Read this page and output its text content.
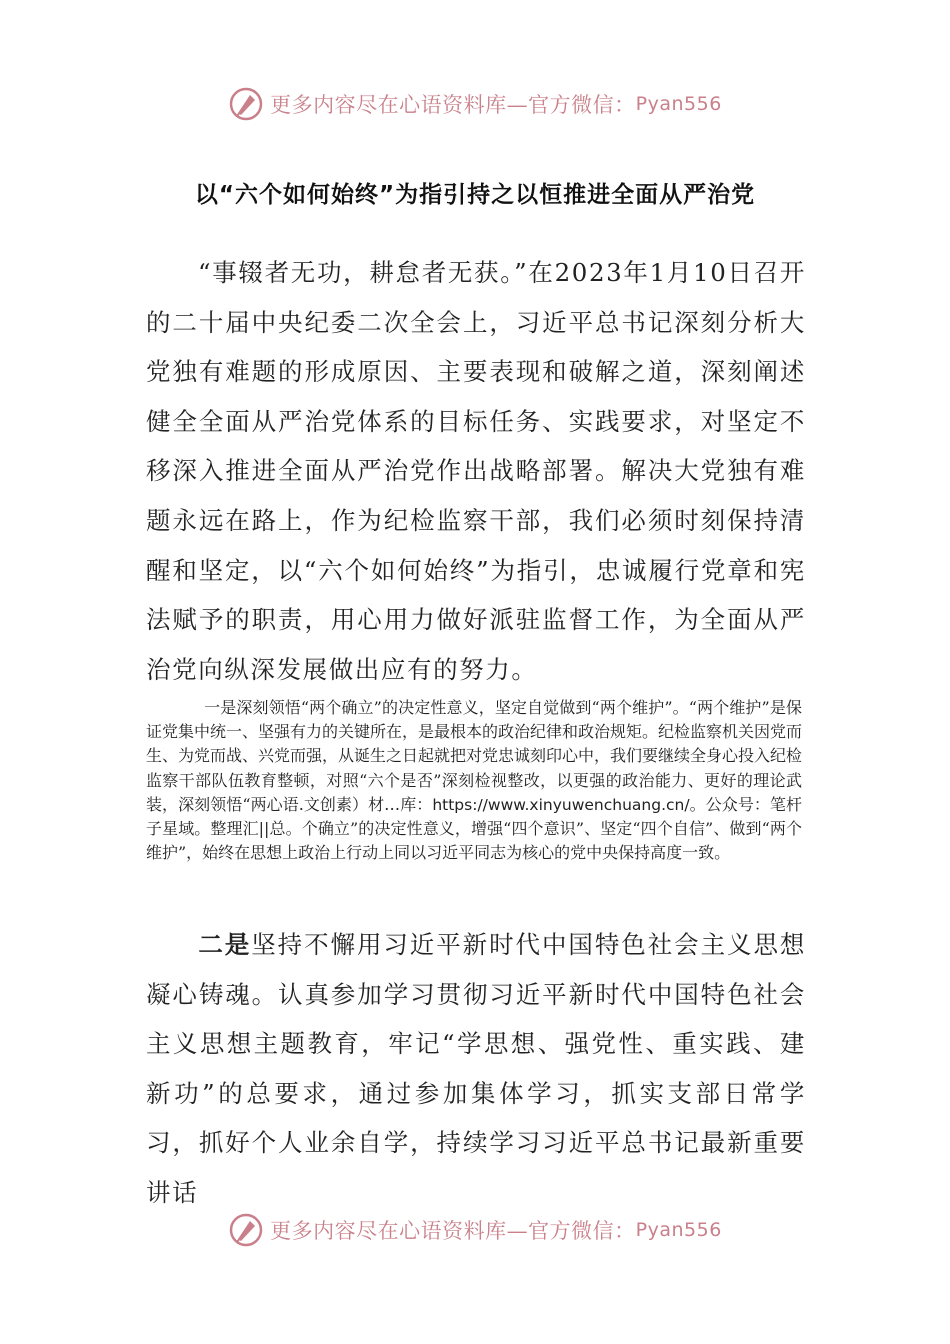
更多内容尽在心语资料库—官方微信： Pyan556
以“六个如何始终”为指引持之以恒推进全面从严治党
“事辍者无功，耕怠者无获。”在2023年1月10日召开的二十届中央纪委二次全会上，习近平总书记深刻分析大党独有难题的形成原因、主要表现和破解之道，深刻阐述健全全面从严治党体系的目标任务、实践要求，对坚定不移深入推进全面从严治党作出战略部署。解决大党独有难题永远在路上，作为纪检监察干部，我们必须时刻保持清醒和坚定，以“六个如何始终”为指引，忠诚履行党章和宪法赋予的职责，用心用力做好派驻监督工作，为全面从严治党向纵深发展做出应有的努力。
一是深刻领悟“两个确立”的决定性意义，坚定自觉做到“两个维护”。“两个维护”是保证党集中统一、坚强有力的关键所在，是最根本的政治纪律和政治规矩。纪检监察机关因党而生、为党而战、兴党而强，从诞生之日起就把对党忠诚刻印心中，我们要继续全身心投入纪检监察干部队伍教育整顿，对照“六个是否”深刻检视整改，以更强的政治能力、更好的理论武装，深刻领悟“两心语.文创素）材…库：https://www.xinyuwenchuang.cn/。公众号：笔杆子星域。整理汇||总。个确立”的决定性意义，增强“四个意识”、坚定“四个自信”、做到“两个维护”，始终在思想上政治上行动上同以习近平同志为核心的党中央保持高度一致。
二是坚持不懈用习近平新时代中国特色社会主义思想凝心铸魂。认真参加学习贯彻习近平新时代中国特色社会主义思想主题教育，牢记“学思想、强党性、重实践、建新功”的总要求，通过参加集体学习，抓实支部日常学习，抓好个人业余自学，持续学习习近平总书记最新重要讲话
更多内容尽在心语资料库—官方微信： Pyan556
